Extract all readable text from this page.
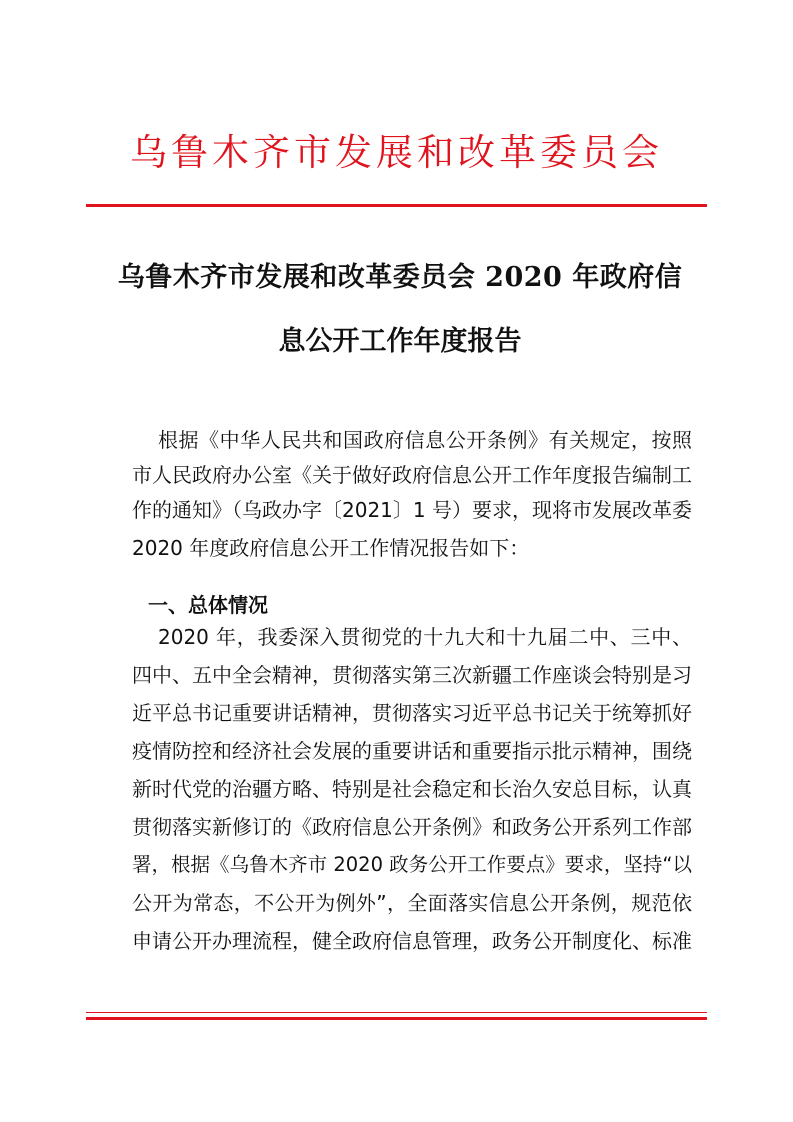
乌鲁木齐市发展和改革委员会
乌鲁木齐市发展和改革委员会 2020 年政府信
息公开工作年度报告

根据《中华人民共和国政府信息公开条例》有关规定，按照

市人民政府办公室《关于做好政府信息公开工作年度报告编制工

作的通知》（乌政办字〔2021〕1 号）要求，现将市发展改革委

2020 年度政府信息公开工作情况报告如下：

一、总体情况

2020 年，我委深入贯彻党的十九大和十九届二中、三中、

四中、五中全会精神，贯彻落实第三次新疆工作座谈会特别是习

近平总书记重要讲话精神，贯彻落实习近平总书记关于统筹抓好

疫情防控和经济社会发展的重要讲话和重要指示批示精神，围绕

新时代党的治疆方略、特别是社会稳定和长治久安总目标，认真

贯彻落实新修订的《政府信息公开条例》和政务公开系列工作部

署，根据《乌鲁木齐市 2020 政务公开工作要点》要求，坚持“以

公开为常态，不公开为例外”，全面落实信息公开条例，规范依

申请公开办理流程，健全政府信息管理，政务公开制度化、标准
